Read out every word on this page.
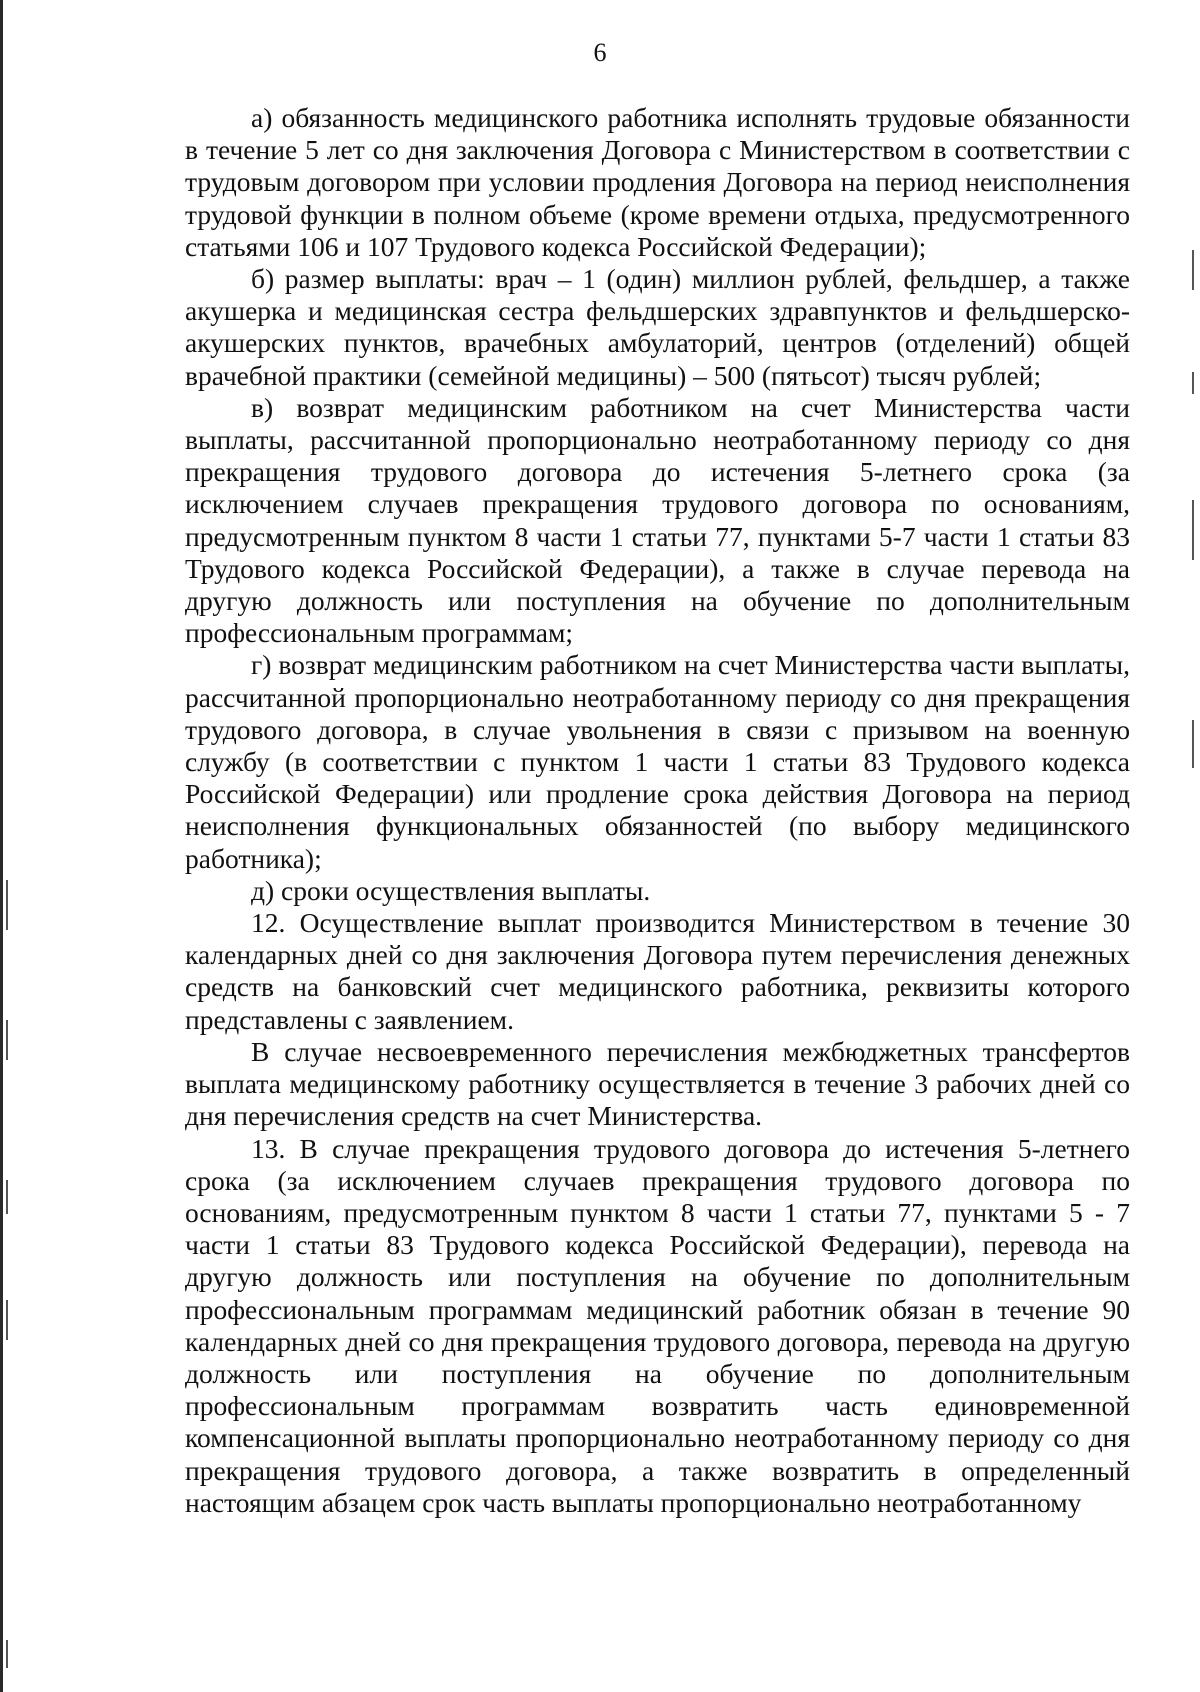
6

а) обязанность медицинского работника исполнять трудовые обязанности в течение 5 лет со дня заключения Договора с Министерством в соответствии с трудовым договором при условии продления Договора на период неисполнения трудовой функции в полном объеме (кроме времени отдыха, предусмотренного статьями 106 и 107 Трудового кодекса Российской Федерации);

б) размер выплаты: врач – 1 (один) миллион рублей, фельдшер, а также акушерка и медицинская сестра фельдшерских здравпунктов и фельдшерско-акушерских пунктов, врачебных амбулаторий, центров (отделений) общей врачебной практики (семейной медицины) – 500 (пятьсот) тысяч рублей;

в) возврат медицинским работником на счет Министерства части выплаты, рассчитанной пропорционально неотработанному периоду со дня прекращения трудового договора до истечения 5-летнего срока (за исключением случаев прекращения трудового договора по основаниям, предусмотренным пунктом 8 части 1 статьи 77, пунктами 5-7 части 1 статьи 83 Трудового кодекса Российской Федерации), а также в случае перевода на другую должность или поступления на обучение по дополнительным профессиональным программам;

г) возврат медицинским работником на счет Министерства части выплаты, рассчитанной пропорционально неотработанному периоду со дня прекращения трудового договора, в случае увольнения в связи с призывом на военную службу (в соответствии с пунктом 1 части 1 статьи 83 Трудового кодекса Российской Федерации) или продление срока действия Договора на период неисполнения функциональных обязанностей (по выбору медицинского работника);

д) сроки осуществления выплаты.

12. Осуществление выплат производится Министерством в течение 30 календарных дней со дня заключения Договора путем перечисления денежных средств на банковский счет медицинского работника, реквизиты которого представлены с заявлением.

В случае несвоевременного перечисления межбюджетных трансфертов выплата медицинскому работнику осуществляется в течение 3 рабочих дней со дня перечисления средств на счет Министерства.

13. В случае прекращения трудового договора до истечения 5-летнего срока (за исключением случаев прекращения трудового договора по основаниям, предусмотренным пунктом 8 части 1 статьи 77, пунктами 5 - 7 части 1 статьи 83 Трудового кодекса Российской Федерации), перевода на другую должность или поступления на обучение по дополнительным профессиональным программам медицинский работник обязан в течение 90 календарных дней со дня прекращения трудового договора, перевода на другую должность или поступления на обучение по дополнительным профессиональным программам возвратить часть единовременной компенсационной выплаты пропорционально неотработанному периоду со дня прекращения трудового договора, а также возвратить в определенный настоящим абзацем срок часть выплаты пропорционально неотработанному
